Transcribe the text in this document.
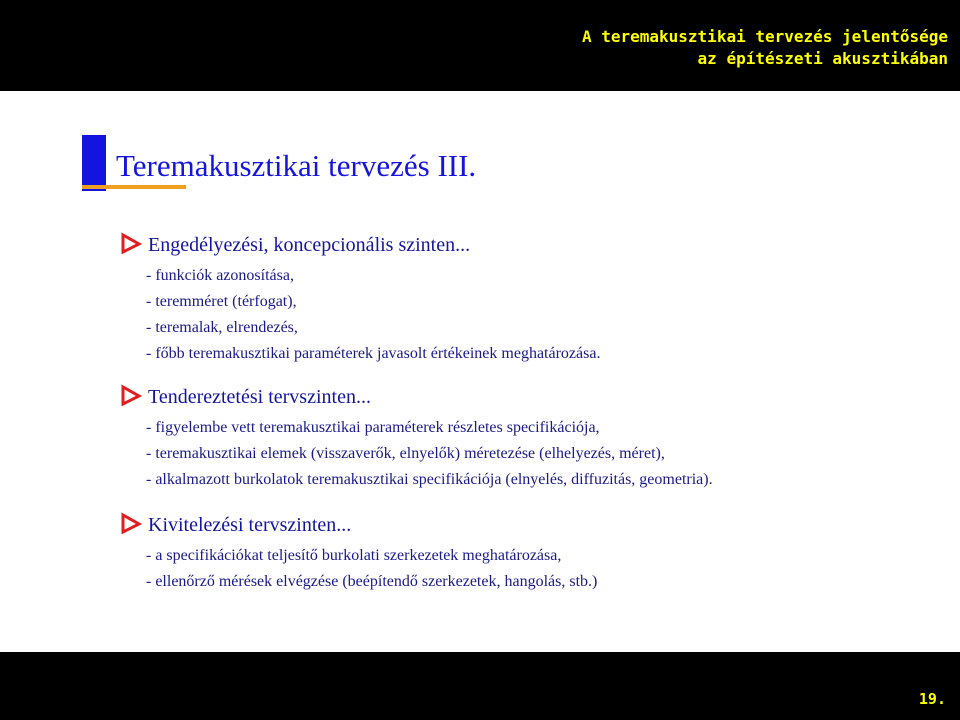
A teremakusztikai tervezés jelentősége
az építészeti akusztikában
Teremakusztikai tervezés III.
Engedélyezési, koncepcionális szinten...
- funkciók azonosítása,
- teremméret (térfogat),
- teremalak, elrendezés,
- főbb teremakusztikai paraméterek javasolt értékeinek meghatározása.
Tendereztetési tervszinten...
- figyelembe vett teremakusztikai paraméterek részletes specifikációja,
- teremakusztikai elemek (visszaverők, elnyelők) méretezése (elhelyezés, méret),
- alkalmazott burkolatok teremakusztikai specifikációja (elnyelés, diffuzitás, geometria).
Kivitelezési tervszinten...
- a specifikációkat teljesítő burkolati szerkezetek meghatározása,
- ellenőrző mérések elvégzése (beépítendő szerkezetek, hangolás, stb.)
19.
